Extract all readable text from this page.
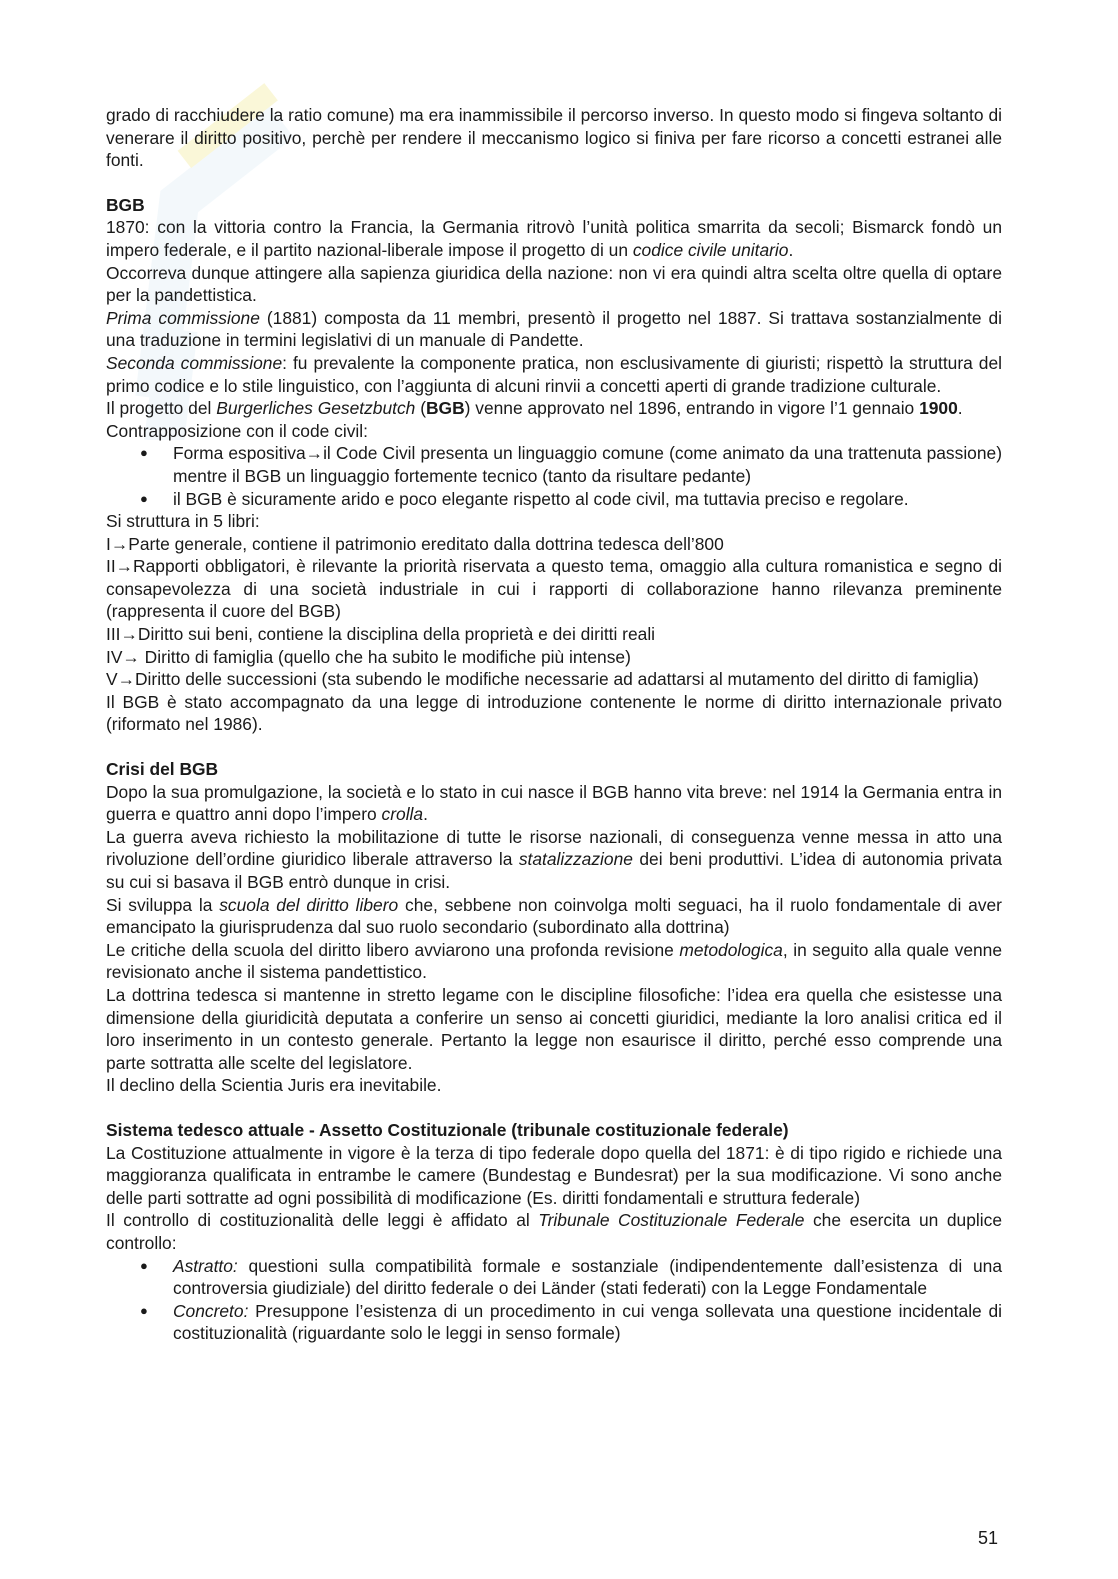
grado di racchiudere la ratio comune) ma era inammissibile il percorso inverso. In questo modo si fingeva soltanto di venerare il diritto positivo, perchè per rendere il meccanismo logico si finiva per fare ricorso a concetti estranei alle fonti.

BGB

1870: con la vittoria contro la Francia, la Germania ritrovò l’unità politica smarrita da secoli; Bismarck fondò un impero federale, e il partito nazional-liberale impose il progetto di un codice civile unitario.

Occorreva dunque attingere alla sapienza giuridica della nazione: non vi era quindi altra scelta oltre quella di optare per la pandettistica.

Prima commissione (1881) composta da 11 membri, presentò il progetto nel 1887. Si trattava sostanzialmente di una traduzione in termini legislativi di un manuale di Pandette.

Seconda commissione: fu prevalente la componente pratica, non esclusivamente di giuristi; rispettò la struttura del primo codice e lo stile linguistico, con l’aggiunta di alcuni rinvii a concetti aperti di grande tradizione culturale.

Il progetto del Burgerliches Gesetzbutch (BGB) venne approvato nel 1896, entrando in vigore l’1 gennaio 1900.

Contrapposizione con il code civil:

● Forma espositiva→il Code Civil presenta un linguaggio comune (come animato da una trattenuta passione) mentre il BGB un linguaggio fortemente tecnico (tanto da risultare pedante)
● il BGB è sicuramente arido e poco elegante rispetto al code civil, ma tuttavia preciso e regolare.

Si struttura in 5 libri:

I→Parte generale, contiene il patrimonio ereditato dalla dottrina tedesca dell’800

II→Rapporti obbligatori, è rilevante la priorità riservata a questo tema, omaggio alla cultura romanistica e segno di consapevolezza di una società industriale in cui i rapporti di collaborazione hanno rilevanza preminente (rappresenta il cuore del BGB)

III→Diritto sui beni, contiene la disciplina della proprietà e dei diritti reali

IV→ Diritto di famiglia (quello che ha subito le modifiche più intense)

V→Diritto delle successioni (sta subendo le modifiche necessarie ad adattarsi al mutamento del diritto di famiglia)

Il BGB è stato accompagnato da una legge di introduzione contenente le norme di diritto internazionale privato (riformato nel 1986).

Crisi del BGB

Dopo la sua promulgazione, la società e lo stato in cui nasce il BGB hanno vita breve: nel 1914 la Germania entra in guerra e quattro anni dopo l’impero crolla.

La guerra aveva richiesto la mobilitazione di tutte le risorse nazionali, di conseguenza venne messa in atto una rivoluzione dell’ordine giuridico liberale attraverso la statalizzazione dei beni produttivi. L’idea di autonomia privata su cui si basava il BGB entrò dunque in crisi.

Si sviluppa la scuola del diritto libero che, sebbene non coinvolga molti seguaci, ha il ruolo fondamentale di aver emancipato la giurisprudenza dal suo ruolo secondario (subordinato alla dottrina)

Le critiche della scuola del diritto libero avviarono una profonda revisione metodologica, in seguito alla quale venne revisionato anche il sistema pandettistico.

La dottrina tedesca si mantenne in stretto legame con le discipline filosofiche: l’idea era quella che esistesse una dimensione della giuridicità deputata a conferire un senso ai concetti giuridici, mediante la loro analisi critica ed il loro inserimento in un contesto generale. Pertanto la legge non esaurisce il diritto, perché esso comprende una parte sottratta alle scelte del legislatore.

Il declino della Scientia Juris era inevitabile.

Sistema tedesco attuale - Assetto Costituzionale (tribunale costituzionale federale)

La Costituzione attualmente in vigore è la terza di tipo federale dopo quella del 1871: è di tipo rigido e richiede una maggioranza qualificata in entrambe le camere (Bundestag e Bundesrat) per la sua modificazione. Vi sono anche delle parti sottratte ad ogni possibilità di modificazione (Es. diritti fondamentali e struttura federale)

Il controllo di costituzionalità delle leggi è affidato al Tribunale Costituzionale Federale che esercita un duplice controllo:

● Astratto: questioni sulla compatibilità formale e sostanziale (indipendentemente dall’esistenza di una controversia giudiziale) del diritto federale o dei Länder (stati federati) con la Legge Fondamentale
● Concreto: Presuppone l’esistenza di un procedimento in cui venga sollevata una questione incidentale di costituzionalità (riguardante solo le leggi in senso formale)
51
